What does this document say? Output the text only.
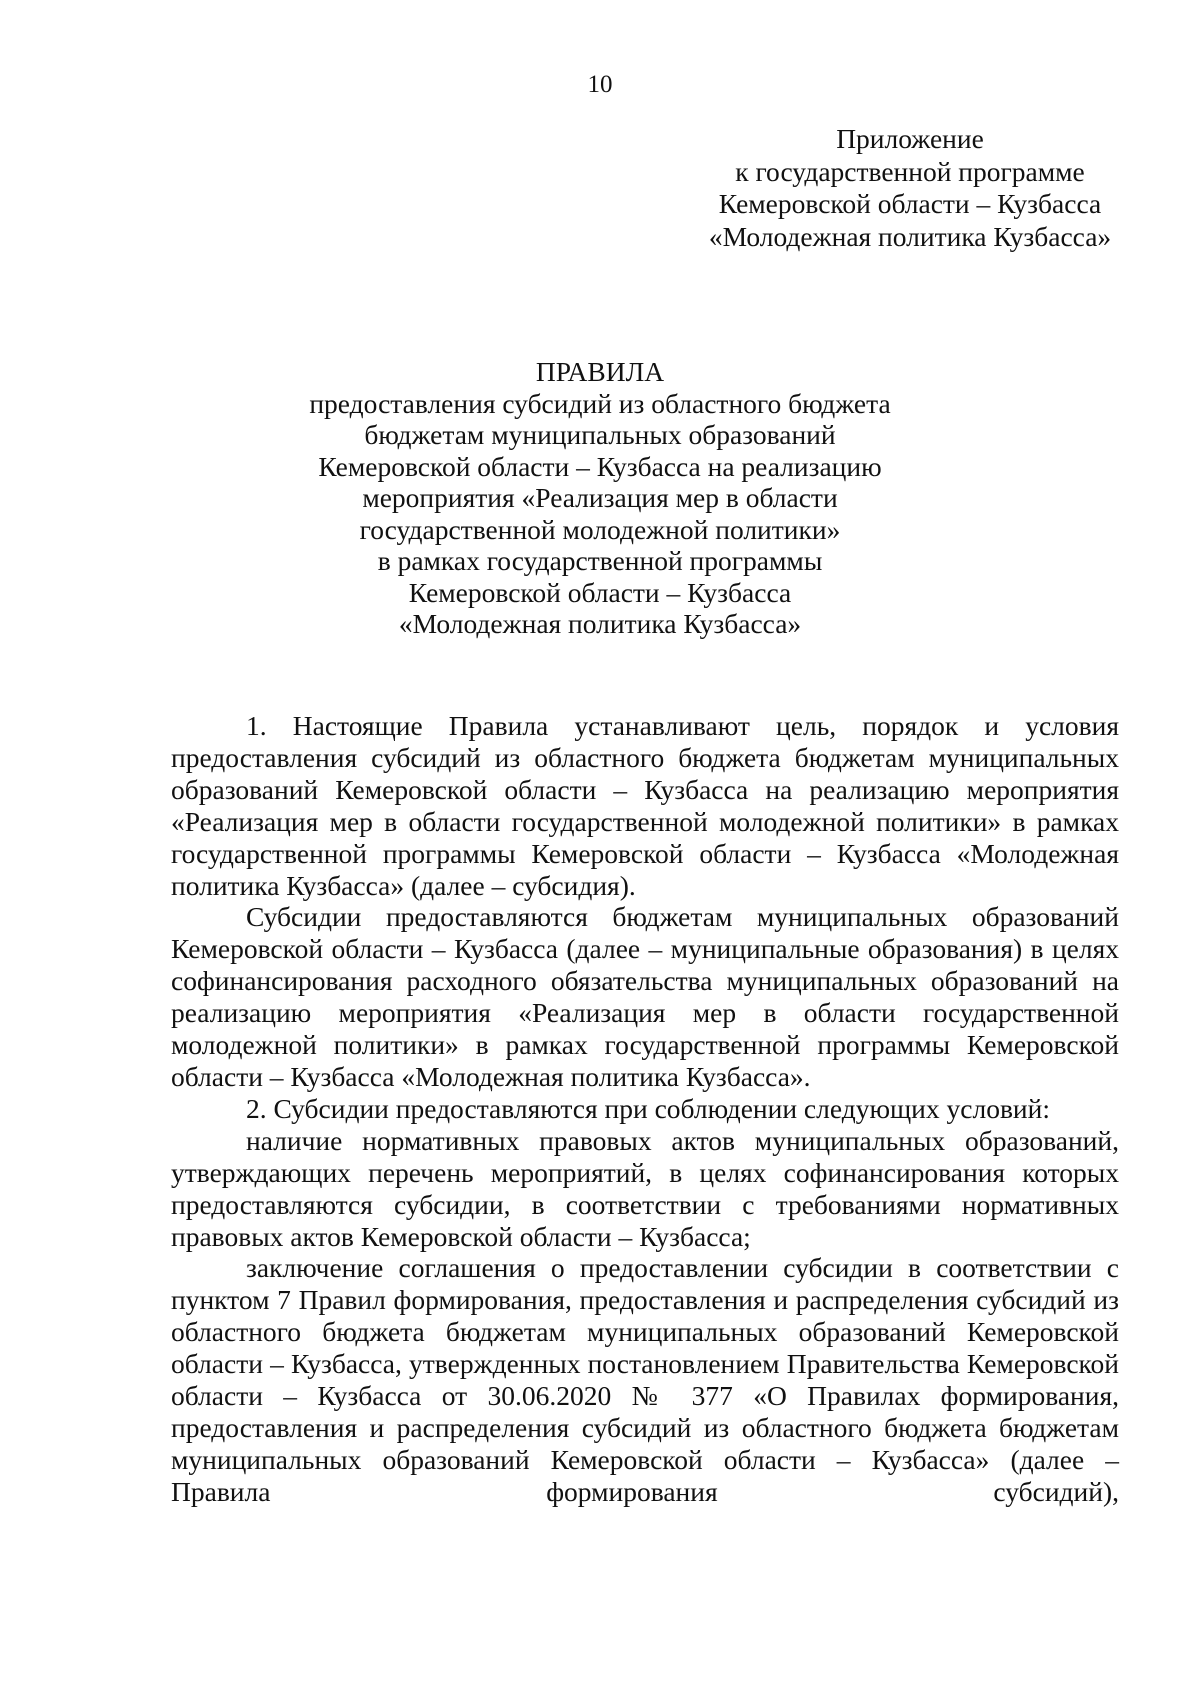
10
Приложение
к государственной программе
Кемеровской области – Кузбасса
«Молодежная политика Кузбасса»
ПРАВИЛА
предоставления субсидий из областного бюджета
бюджетам муниципальных образований
Кемеровской области – Кузбасса на реализацию
мероприятия «Реализация мер в области
государственной молодежной политики»
в рамках государственной программы
Кемеровской области – Кузбасса
«Молодежная политика Кузбасса»

1. Настоящие Правила устанавливают цель, порядок и условия предоставления субсидий из областного бюджета бюджетам муниципальных образований Кемеровской области – Кузбасса на реализацию мероприятия «Реализация мер в области государственной молодежной политики» в рамках государственной программы Кемеровской области – Кузбасса «Молодежная политика Кузбасса» (далее – субсидия).

Субсидии предоставляются бюджетам муниципальных образований Кемеровской области – Кузбасса (далее – муниципальные образования) в целях софинансирования расходного обязательства муниципальных образований на реализацию мероприятия «Реализация мер в области государственной молодежной политики» в рамках государственной программы Кемеровской области – Кузбасса «Молодежная политика Кузбасса».

2. Субсидии предоставляются при соблюдении следующих условий:

наличие нормативных правовых актов муниципальных образований, утверждающих перечень мероприятий, в целях софинансирования которых предоставляются субсидии, в соответствии с требованиями нормативных правовых актов Кемеровской области – Кузбасса;

заключение соглашения о предоставлении субсидии в соответствии с пунктом 7 Правил формирования, предоставления и распределения субсидий из областного бюджета бюджетам муниципальных образований Кемеровской области – Кузбасса, утвержденных постановлением Правительства Кемеровской области – Кузбасса от 30.06.2020 № 377 «О Правилах формирования, предоставления и распределения субсидий из областного бюджета бюджетам муниципальных образований Кемеровской области – Кузбасса» (далее – Правила формирования субсидий),
